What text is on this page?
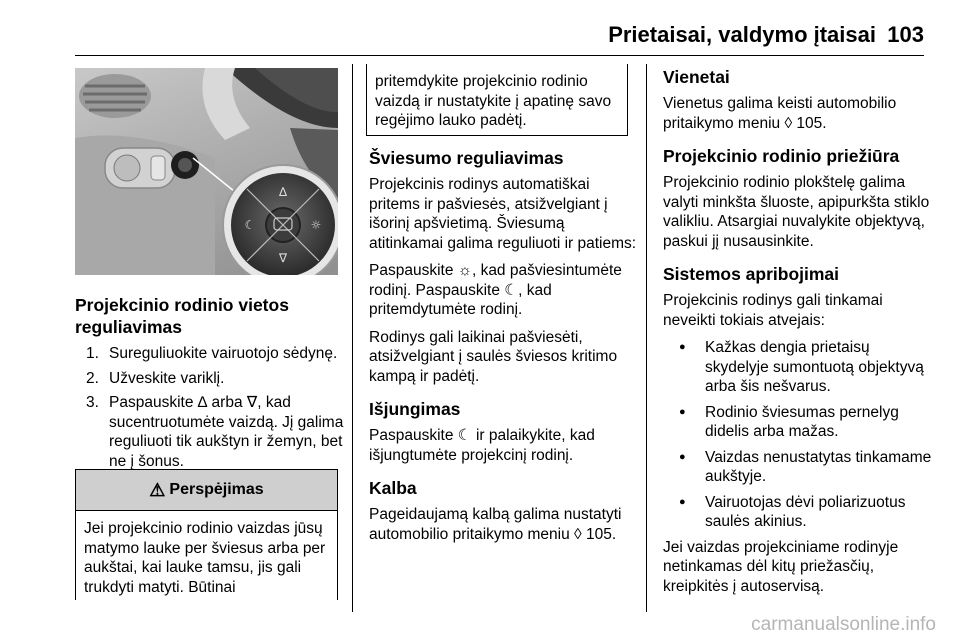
Prietaisai, valdymo įtaisai 103
∆
∇
☾	☼
Projekcinio rodinio vietos reguliavimas
1. Sureguliuokite vairuotojo sėdynę.
2. Užveskite variklį.
3. Paspauskite ∆ arba ∇, kad sucentruotumėte vaizdą. Jį galima reguliuoti tik aukštyn ir žemyn, bet ne į šonus.
⚠ Perspėjimas
Jei projekcinio rodinio vaizdas jūsų matymo lauke per šviesus arba per aukštai, kai lauke tamsu, jis gali trukdyti matyti. Būtinai
pritemdykite projekcinio rodinio vaizdą ir nustatykite į apatinę savo regėjimo lauko padėtį.
Šviesumo reguliavimas

Projekcinis rodinys automatiškai pritems ir pašviesės, atsižvelgiant į išorinį apšvietimą. Šviesumą atitinkamai galima reguliuoti ir patiems:

Paspauskite ☼, kad pašviesintumėte rodinį. Paspauskite ☾, kad pritemdytumėte rodinį.

Rodinys gali laikinai pašviesėti, atsižvelgiant į saulės šviesos kritimo kampą ir padėtį.

Išjungimas

Paspauskite ☾ ir palaikykite, kad išjungtumėte projekcinį rodinį.

Kalba

Pageidaujamą kalbą galima nustatyti automobilio pritaikymo meniu ◊ 105.

Vienetai

Vienetus galima keisti automobilio pritaikymo meniu ◊ 105.

Projekcinio rodinio priežiūra

Projekcinio rodinio plokštelę galima valyti minkšta šluoste, apipurkšta stiklo valikliu. Atsargiai nuvalykite objektyvą, paskui jį nusausinkite.

Sistemos apribojimai

Projekcinis rodinys gali tinkamai neveikti tokiais atvejais:

● Kažkas dengia prietaisų skydelyje sumontuotą objektyvą arba šis nešvarus.
● Rodinio šviesumas pernelyg didelis arba mažas.
● Vaizdas nenustatytas tinkamame aukštyje.
● Vairuotojas dėvi poliarizuotus saulės akinius.

Jei vaizdas projekciniame rodinyje netinkamas dėl kitų priežasčių, kreipkitės į autoservisą.

carmanualsonline.info
